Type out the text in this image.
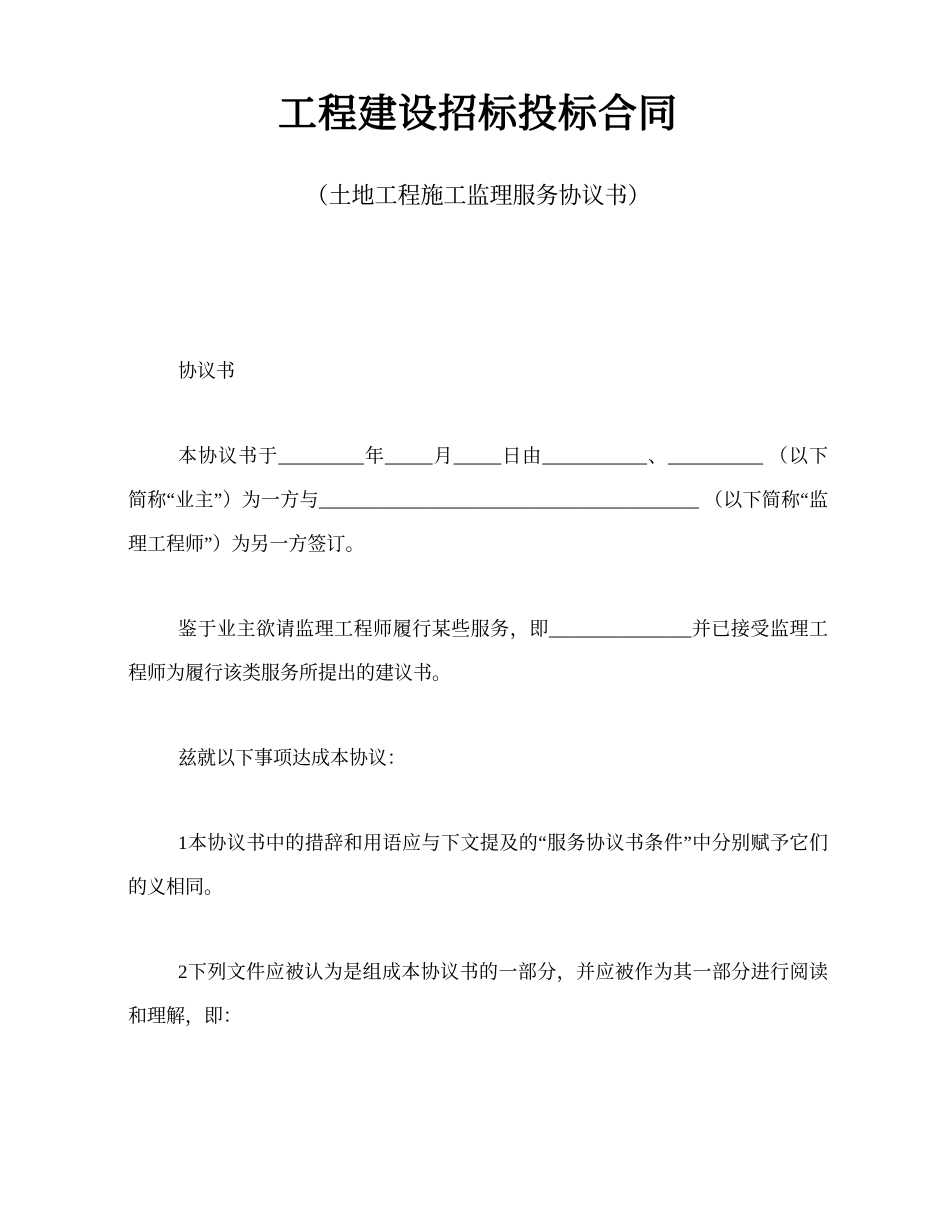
工程建设招标投标合同
（土地工程施工监理服务协议书）

协议书

本协议书于_________年_____月_____日由___________、__________ （以下简称“业主”）为一方与________________________________________ （以下简称“监理工程师”）为另一方签订。

鉴于业主欲请监理工程师履行某些服务，即_______________并已接受监理工程师为履行该类服务所提出的建议书。

兹就以下事项达成本协议：

1本协议书中的措辞和用语应与下文提及的“服务协议书条件”中分别赋予它们的义相同。

2下列文件应被认为是组成本协议书的一部分，并应被作为其一部分进行阅读和理解，即：
